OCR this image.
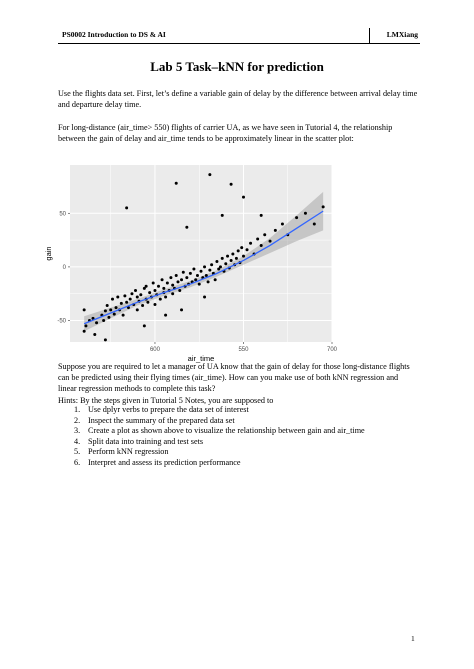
PS0002 Introduction to DS & AI	LMXiang
Lab 5 Task–kNN for prediction
Use the flights data set. First, let’s define a variable gain of delay by the difference between arrival delay time and departure delay time.
For long-distance (air_time> 550) flights of carrier UA, as we have seen in Tutorial 4, the relationship between the gain of delay and air_time tends to be approximately linear in the scatter plot:
600	550	700
-50
0
50
air_time
gain
Suppose you are required to let a manager of UA know that the gain of delay for those long-distance flights can be predicted using their flying times (air_time). How can you make use of both kNN regression and linear regression methods to complete this task?
Hints: By the steps given in Tutorial 5 Notes, you are supposed to
1. Use dplyr verbs to prepare the data set of interest
2. Inspect the summary of the prepared data set
3. Create a plot as shown above to visualize the relationship between gain and air_time
4. Split data into training and test sets
5. Perform kNN regression
6. Interpret and assess its prediction performance
1
